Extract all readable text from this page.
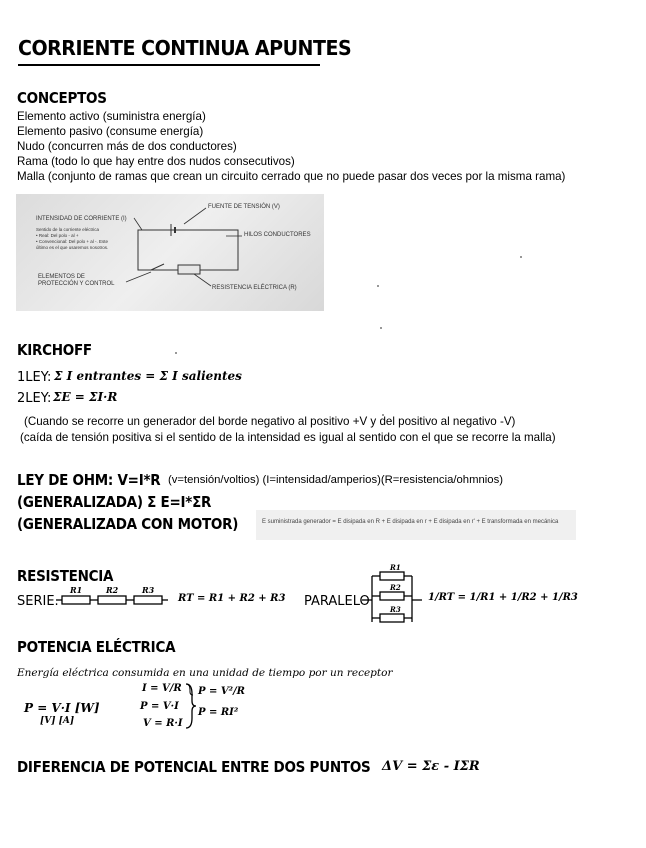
CORRIENTE CONTINUA APUNTES
CONCEPTOS
Elemento activo (suministra energía)
Elemento pasivo (consume energía)
Nudo (concurren más de dos conductores)
Rama (todo lo que hay entre dos nudos consecutivos)
Malla (conjunto de ramas que crean un circuito cerrado que no puede pasar dos veces por la misma rama)
INTENSIDAD DE CORRIENTE (I)
Sentido de la corriente eléctrica
• Real: Del polo - al +
• Convencional: Del polo + al -. Este
último es el que usaremos nosotros.
FUENTE DE TENSIÓN (V)
HILOS CONDUCTORES
ELEMENTOS DE
PROTECCIÓN Y CONTROL
RESISTENCIA ELÉCTRICA (R)
KIRCHOFF
1LEY: Σ I entrantes = Σ I salientes
2LEY: ΣE = ΣI·R
(Cuando se recorre un generador del borde negativo al positivo +V y del positivo al negativo -V)
(caída de tensión positiva si el sentido de la intensidad es igual al sentido con el que se recorre la malla)
LEY DE OHM: V=I*R (v=tensión/voltios) (I=intensidad/amperios)(R=resistencia/ohmnios)
(GENERALIZADA) Σ E=I*ΣR
(GENERALIZADA CON MOTOR)	E suministrada generador = E disipada en R + E disipada en r + E disipada en r' + E transformada en mecánica
RESISTENCIA
SERIE.
R1	R2	R3
RT = R1 + R2 + R3 PARALELO
R1
R2
R3
1/RT = 1/R1 + 1/R2 + 1/R3
POTENCIA ELÉCTRICA
Energía eléctrica consumida en una unidad de tiempo por un receptor
P = V·I [W]
[V] [A]
I = V/R
P = V·I
V = R·I
P = V²/R
P = RI²
DIFERENCIA DE POTENCIAL ENTRE DOS PUNTOS ΔV = Σε - IΣR
